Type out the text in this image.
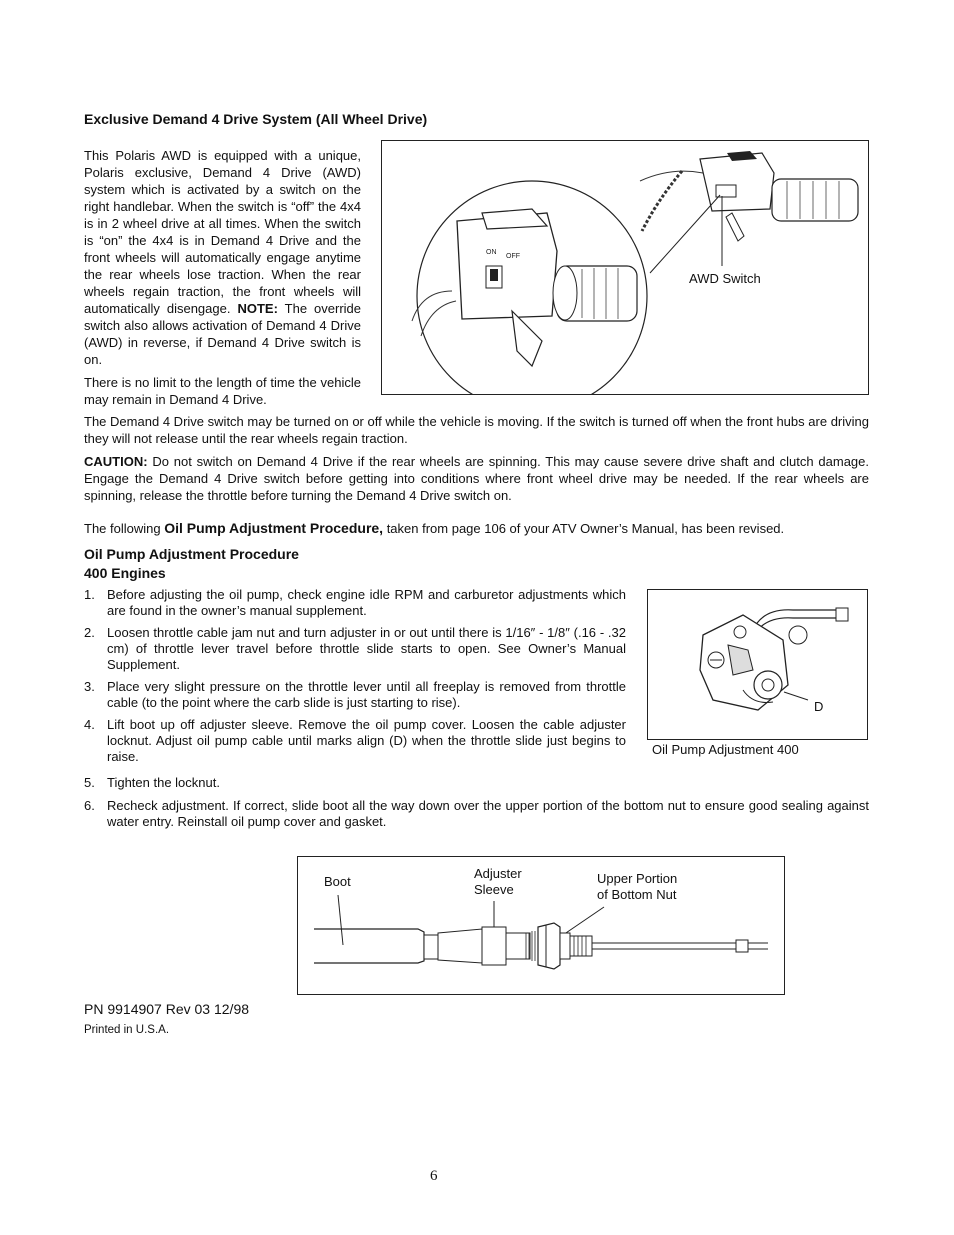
Exclusive Demand 4 Drive System (All Wheel Drive)

This Polaris AWD is equipped with a unique, Polaris exclusive, Demand 4 Drive (AWD) system which is activated by a switch on the right handlebar. When the switch is “off” the 4x4 is in 2 wheel drive at all times. When the switch is “on” the 4x4 is in Demand 4 Drive and the front wheels will automatically engage anytime the rear wheels lose traction. When the rear wheels regain traction, the front wheels will automatically disengage. NOTE: The override switch also allows activation of Demand 4 Drive (AWD) in reverse, if Demand 4 Drive switch is on.

There is no limit to the length of time the vehicle may remain in Demand 4 Drive.

ON
OFF
AWD Switch

The Demand 4 Drive switch may be turned on or off while the vehicle is moving. If the switch is turned off when the front hubs are driving they will not release until the rear wheels regain traction.

CAUTION: Do not switch on Demand 4 Drive if the rear wheels are spinning. This may cause severe drive shaft and clutch damage. Engage the Demand 4 Drive switch before getting into conditions where front wheel drive may be needed. If the rear wheels are spinning, release the throttle before turning the Demand 4 Drive switch on.

The following Oil Pump Adjustment Procedure, taken from page 106 of your ATV Owner’s Manual, has been revised.
Oil Pump Adjustment Procedure
400 Engines
1. Before adjusting the oil pump, check engine idle RPM and carburetor adjustments which are found in the owner’s manual supplement.
2. Loosen throttle cable jam nut and turn adjuster in or out until there is 1/16″ - 1/8″ (.16 - .32 cm) of throttle lever travel before throttle slide starts to open. See Owner’s Manual Supplement.
3. Place very slight pressure on the throttle lever until all freeplay is removed from throttle cable (to the point where the carb slide is just starting to rise).
4. Lift boot up off adjuster sleeve. Remove the oil pump cover. Loosen the cable adjuster locknut. Adjust oil pump cable until marks align (D) when the throttle slide just begins to raise.
5. Tighten the locknut.
6. Recheck adjustment. If correct, slide boot all the way down over the upper portion of the bottom nut to ensure good sealing against water entry. Reinstall oil pump cover and gasket.
D
Oil Pump Adjustment 400
Boot
Adjuster
Sleeve
Upper Portion
of Bottom Nut
PN 9914907 Rev 03 12/98
Printed in U.S.A.
6
